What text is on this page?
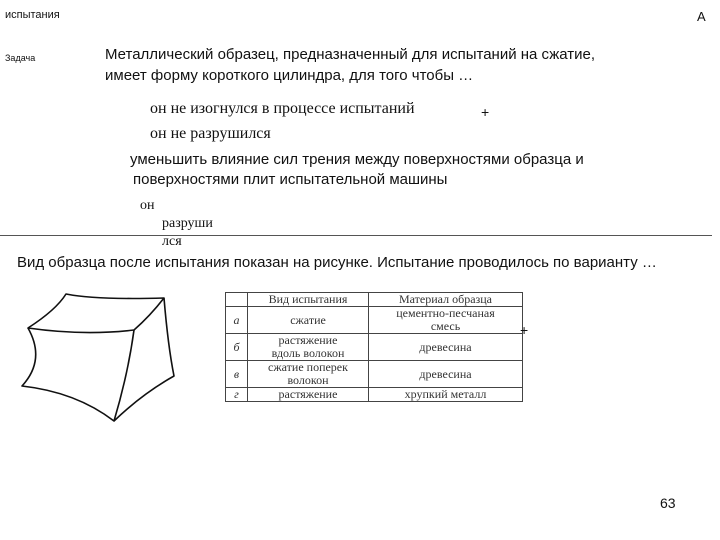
испытания	А
Задача	Металлический образец, предназначенный для испытаний на сжатие,
имеет форму короткого цилиндра, для того чтобы …
он не изогнулся в процессе испытаний	+
он не разрушился
уменьшить влияние сил трения между поверхностями образца и
поверхностями плит испытательной машины
он
разруши
лся
Вид образца после испытания показан на рисунке. Испытание проводилось по варианту …
	Вид испытания	Материал образца
а	сжатие	цементно-песчаная
смесь

б	растяжение
вдоль волокон	древесина

в	сжатие поперек
волокон	древесина

г	растяжение	хрупкий металл
+
63
